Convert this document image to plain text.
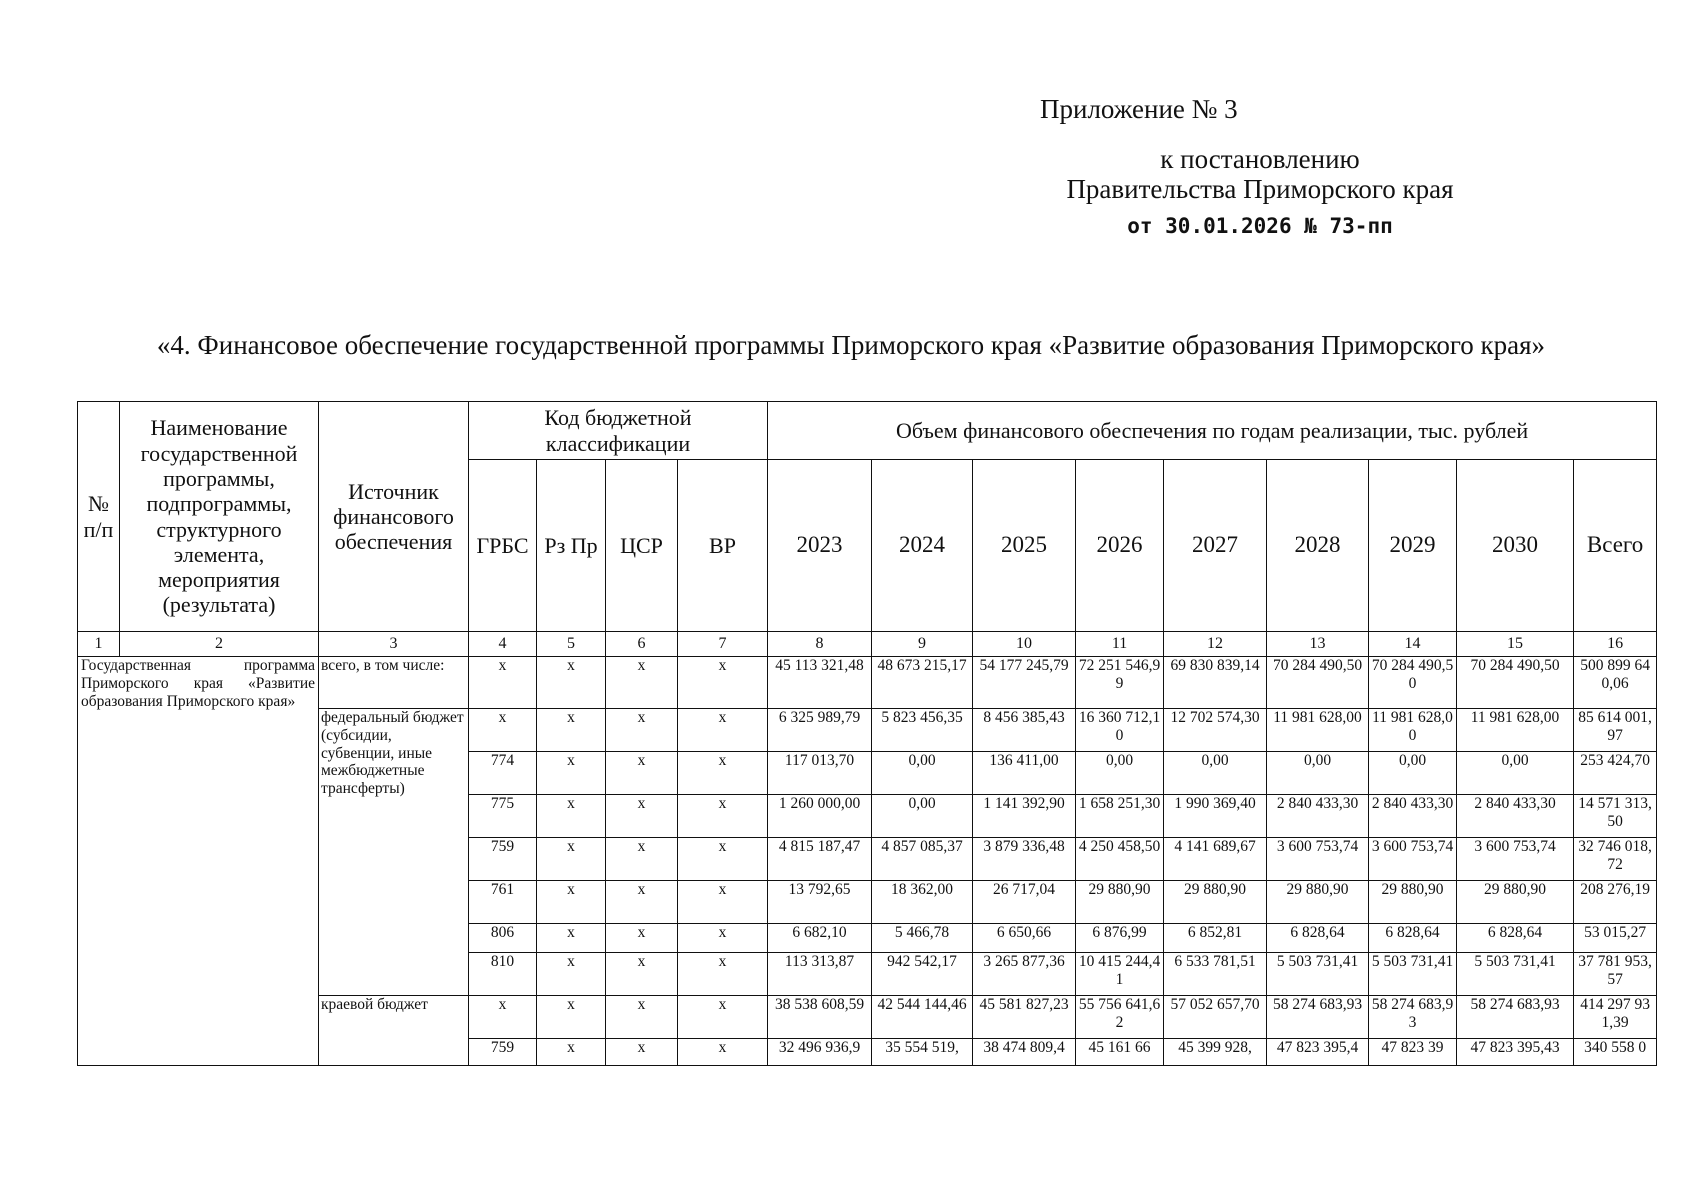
Приложение № 3
к постановлению
Правительства Приморского края
от 30.01.2026 № 73-пп
«4. Финансовое обеспечение государственной программы Приморского края «Развитие образования Приморского края»
№ п/п	Наименование государственной программы, подпрограммы, структурного элемента, мероприятия (результата)	Источник финансового обеспечения	Код бюджетной классификации				Объем финансового обеспечения по годам реализации, тыс. рублей								
			ГРБС	Рз Пр	ЦСР	ВР	2023	2024	2025	2026	2027	2028	2029	2030	Всего
1	2	3	4	5	6	7	8	9	10	11	12	13	14	15	16
Государственная программа Приморского края «Развитие образования Приморского края»		всего, в том числе:	x	x	x	x	45 113 321,48	48 673 215,17	54 177 245,79	72 251 546,99	69 830 839,14	70 284 490,50	70 284 490,50	70 284 490,50	500 899 640,06
		федеральный бюджет (субсидии, субвенции, иные межбюджетные трансферты)	x	x	x	x	6 325 989,79	5 823 456,35	8 456 385,43	16 360 712,10	12 702 574,30	11 981 628,00	11 981 628,00	11 981 628,00	85 614 001,97
			774	x	x	x	117 013,70	0,00	136 411,00	0,00	0,00	0,00	0,00	0,00	253 424,70
			775	x	x	x	1 260 000,00	0,00	1 141 392,90	1 658 251,30	1 990 369,40	2 840 433,30	2 840 433,30	2 840 433,30	14 571 313,50
			759	x	x	x	4 815 187,47	4 857 085,37	3 879 336,48	4 250 458,50	4 141 689,67	3 600 753,74	3 600 753,74	3 600 753,74	32 746 018,72
			761	x	x	x	13 792,65	18 362,00	26 717,04	29 880,90	29 880,90	29 880,90	29 880,90	29 880,90	208 276,19
			806	x	x	x	6 682,10	5 466,78	6 650,66	6 876,99	6 852,81	6 828,64	6 828,64	6 828,64	53 015,27
			810	x	x	x	113 313,87	942 542,17	3 265 877,36	10 415 244,41	6 533 781,51	5 503 731,41	5 503 731,41	5 503 731,41	37 781 953,57
		краевой бюджет	x	x	x	x	38 538 608,59	42 544 144,46	45 581 827,23	55 756 641,62	57 052 657,70	58 274 683,93	58 274 683,93	58 274 683,93	414 297 931,39
			759	x	x	x	32 496 936,9	35 554 519,	38 474 809,4	45 161 66	45 399 928,	47 823 395,4	47 823 39	47 823 395,43	340 558 0
